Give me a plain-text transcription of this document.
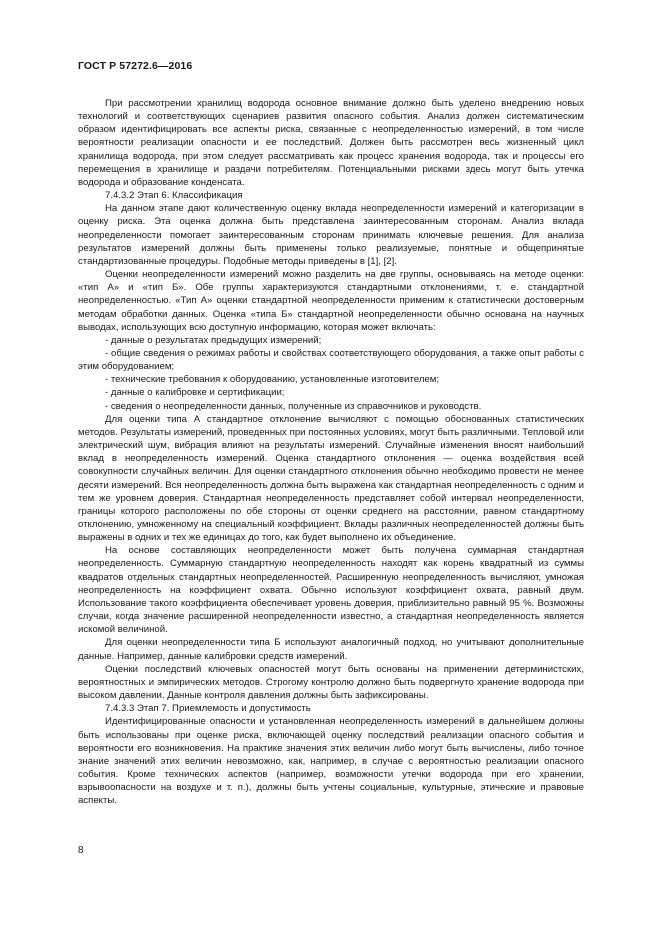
ГОСТ Р 57272.6—2016

При рассмотрении хранилищ водорода основное внимание должно быть уделено внедрению новых технологий и соответствующих сценариев развития опасного события. Анализ должен систематическим образом идентифицировать все аспекты риска, связанные с неопределенностью измерений, в том числе вероятности реализации опасности и ее последствий. Должен быть рассмотрен весь жизненный цикл хранилища водорода, при этом следует рассматривать как процесс хранения водорода, так и процессы его перемещения в хранилище и раздачи потребителям. Потенциальными рисками здесь могут быть утечка водорода и образование конденсата.

7.4.3.2 Этап 6. Классификация

На данном этапе дают количественную оценку вклада неопределенности измерений и категоризации в оценку риска. Эта оценка должна быть представлена заинтересованным сторонам. Анализ вклада неопределенности помогает заинтересованным сторонам принимать ключевые решения. Для анализа результатов измерений должны быть применены только реализуемые, понятные и общепринятые стандартизованные процедуры. Подобные методы приведены в [1], [2].

Оценки неопределенности измерений можно разделить на две группы, основываясь на методе оценки: «тип А» и «тип Б». Обе группы характеризуются стандартными отклонениями, т. е. стандартной неопределенностью. «Тип А» оценки стандартной неопределенности применим к статистически достоверным методам обработки данных. Оценка «типа Б» стандартной неопределенности обычно основана на научных выводах, использующих всю доступную информацию, которая может включать:

- данные о результатах предыдущих измерений;

- общие сведения о режимах работы и свойствах соответствующего оборудования, а также опыт работы с этим оборудованием;

- технические требования к оборудованию, установленные изготовителем;

- данные о калибровке и сертификации;

- сведения о неопределенности данных, полученные из справочников и руководств.

Для оценки типа А стандартное отклонение вычисляют с помощью обоснованных статистических методов. Результаты измерений, проведенных при постоянных условиях, могут быть различными. Тепловой или электрический шум, вибрация влияют на результаты измерений. Случайные изменения вносят наибольший вклад в неопределенность измерений. Оценка стандартного отклонения — оценка воздействия всей совокупности случайных величин. Для оценки стандартного отклонения обычно необходимо провести не менее десяти измерений. Вся неопределенность должна быть выражена как стандартная неопределенность с одним и тем же уровнем доверия. Стандартная неопределенность представляет собой интервал неопределенности, границы которого расположены по обе стороны от оценки среднего на расстоянии, равном стандартному отклонению, умноженному на специальный коэффициент. Вклады различных неопределенностей должны быть выражены в одних и тех же единицах до того, как будет выполнено их объединение.

На основе составляющих неопределенности может быть получена суммарная стандартная неопределенность. Суммарную стандартную неопределенность находят как корень квадратный из суммы квадратов отдельных стандартных неопределенностей. Расширенную неопределенность вычисляют, умножая неопределенность на коэффициент охвата. Обычно используют коэффициент охвата, равный двум. Использование такого коэффициента обеспечивает уровень доверия, приблизительно равный 95 %. Возможны случаи, когда значение расширенной неопределенности известно, а стандартная неопределенность является искомой величиной.

Для оценки неопределенности типа Б используют аналогичный подход, но учитывают дополнительные данные. Например, данные калибровки средств измерений.

Оценки последствий ключевых опасностей могут быть основаны на применении детерминистских, вероятностных и эмпирических методов. Строгому контролю должно быть подвергнуто хранение водорода при высоком давлении. Данные контроля давления должны быть зафиксированы.

7.4.3.3 Этап 7. Приемлемость и допустимость

Идентифицированные опасности и установленная неопределенность измерений в дальнейшем должны быть использованы при оценке риска, включающей оценку последствий реализации опасного события и вероятности его возникновения. На практике значения этих величин либо могут быть вычислены, либо точное знание значений этих величин невозможно, как, например, в случае с вероятностью реализации опасного события. Кроме технических аспектов (например, возможности утечки водорода при его хранении, взрывоопасности на воздухе и т. п.), должны быть учтены социальные, культурные, этические и правовые аспекты.

8
